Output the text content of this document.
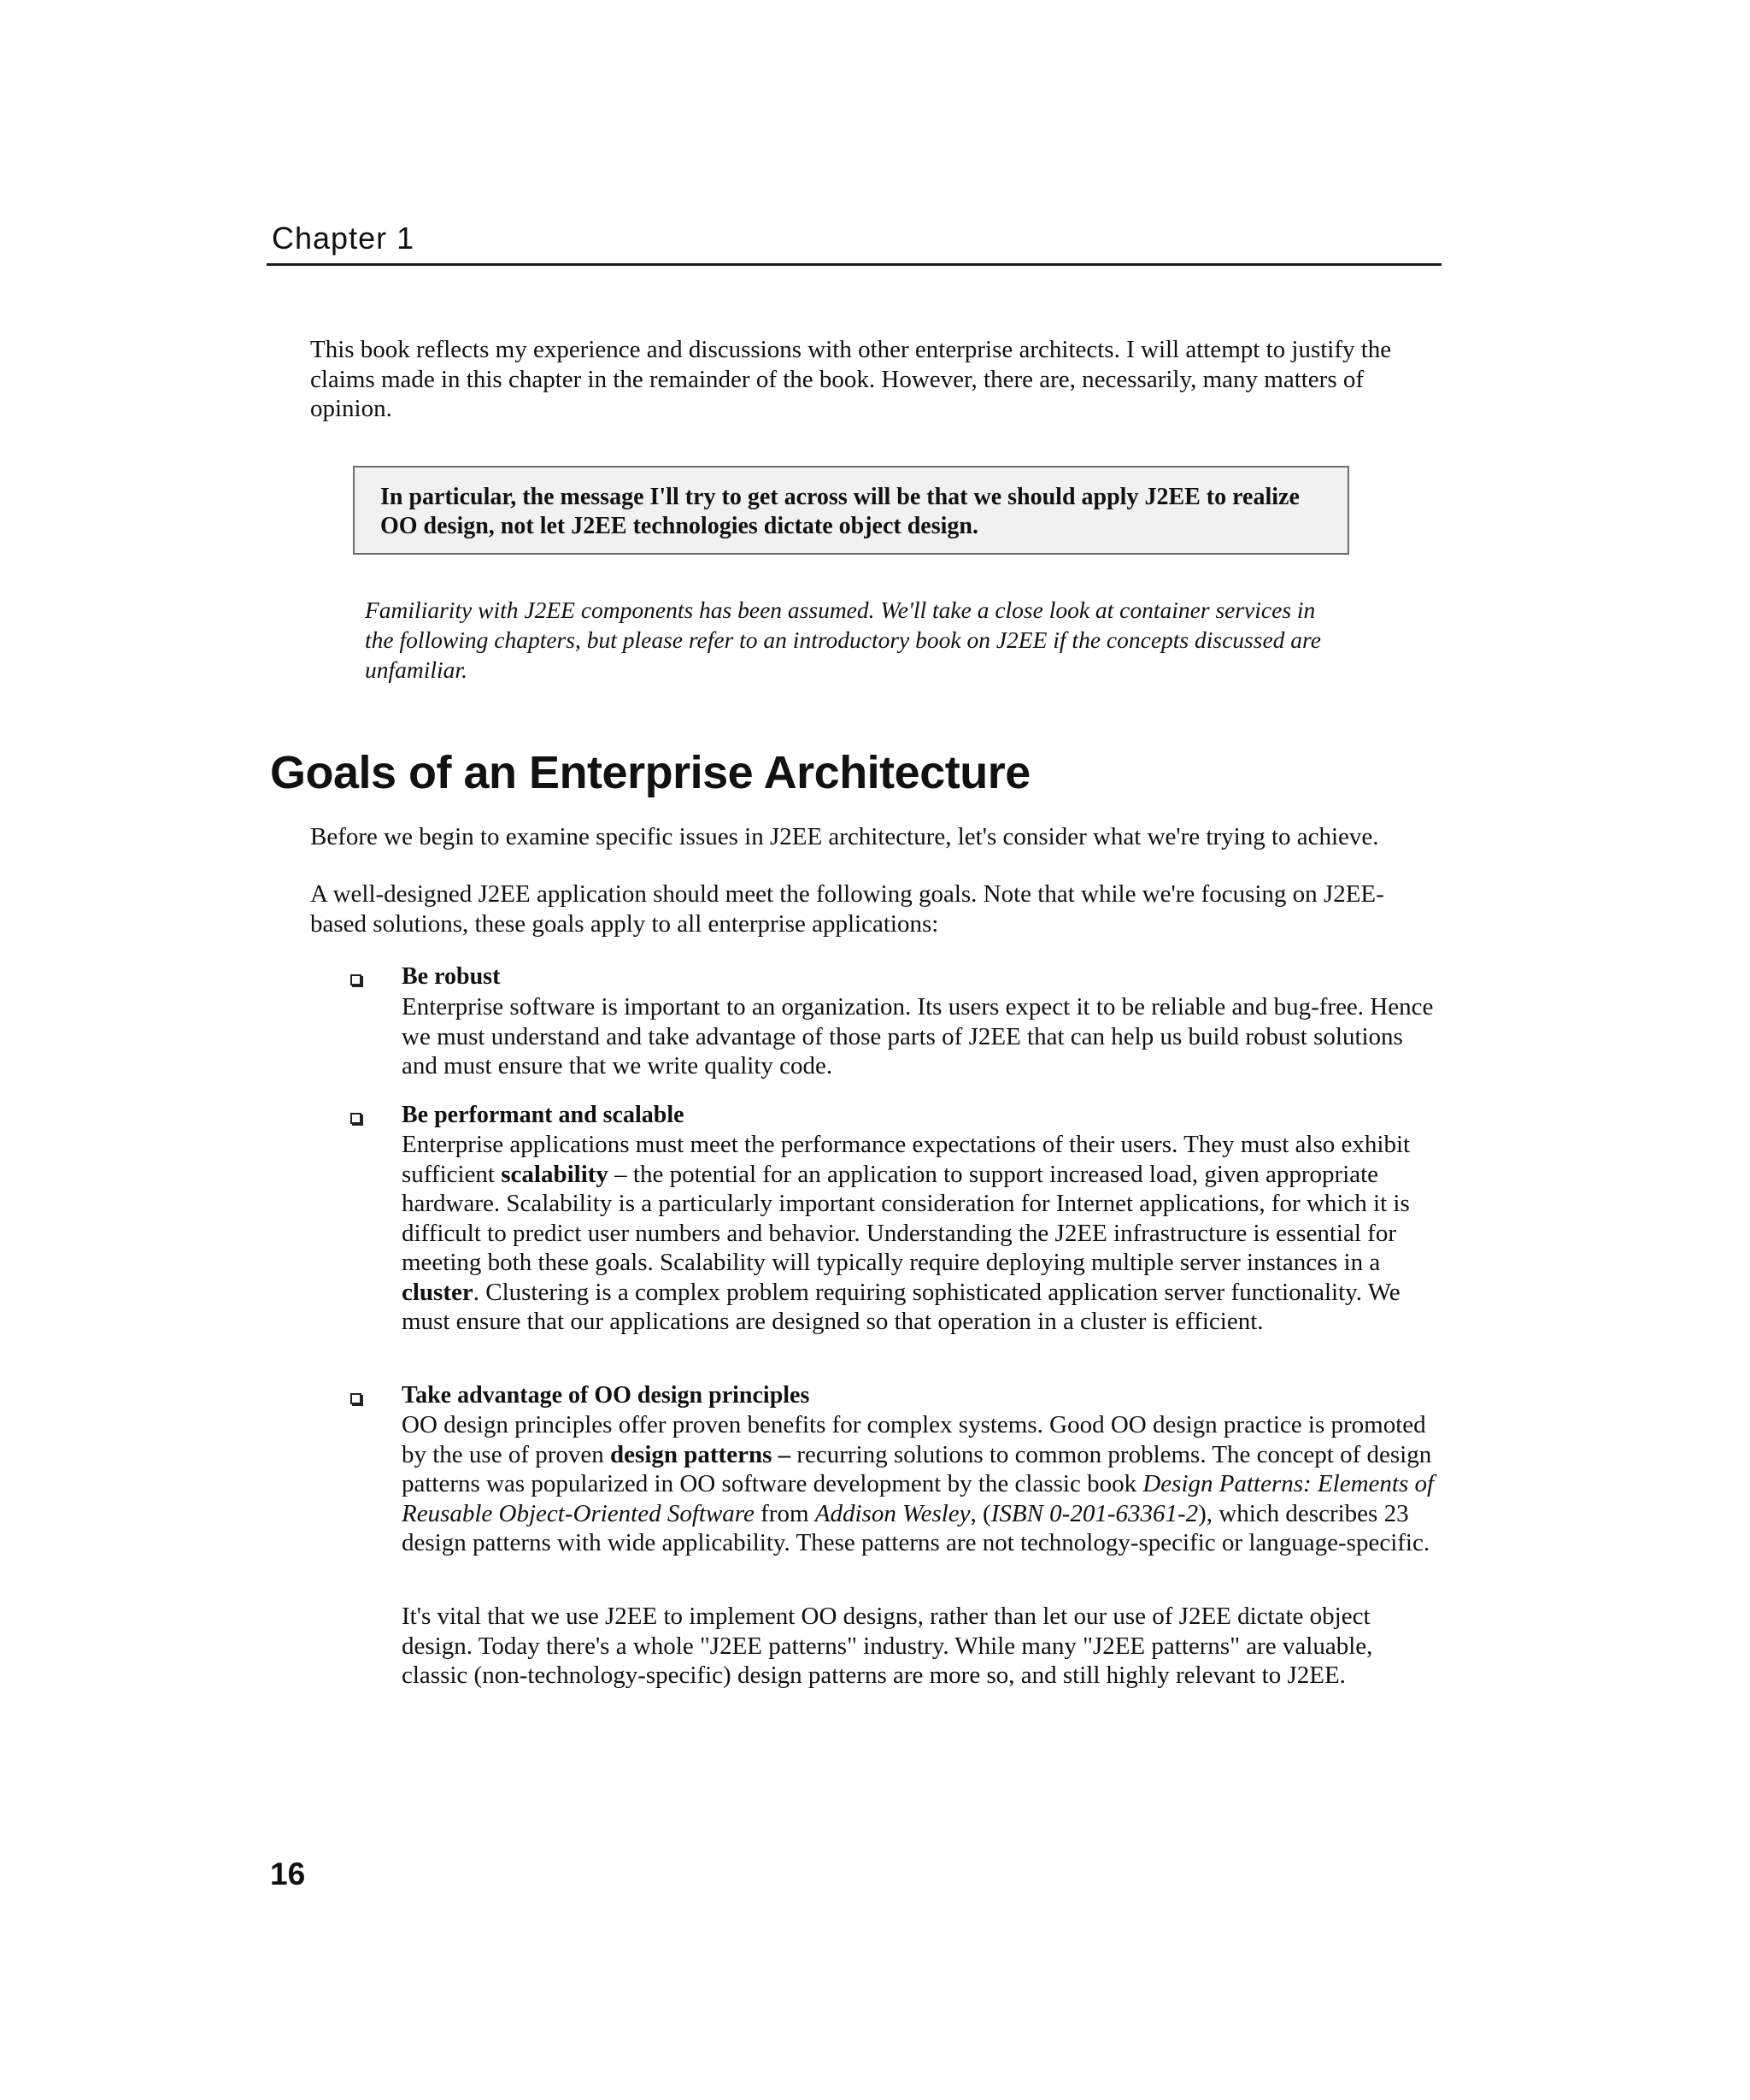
Chapter 1

This book reflects my experience and discussions with other enterprise architects. I will attempt to justify the claims made in this chapter in the remainder of the book. However, there are, necessarily, many matters of opinion.

In particular, the message I'll try to get across will be that we should apply J2EE to realize OO design, not let J2EE technologies dictate object design.

Familiarity with J2EE components has been assumed. We'll take a close look at container services in the following chapters, but please refer to an introductory book on J2EE if the concepts discussed are unfamiliar.

Goals of an Enterprise Architecture

Before we begin to examine specific issues in J2EE architecture, let's consider what we're trying to achieve.

A well-designed J2EE application should meet the following goals. Note that while we're focusing on J2EE-based solutions, these goals apply to all enterprise applications:

Be robust

Enterprise software is important to an organization. Its users expect it to be reliable and bug-free. Hence we must understand and take advantage of those parts of J2EE that can help us build robust solutions and must ensure that we write quality code.

Be performant and scalable

Enterprise applications must meet the performance expectations of their users. They must also exhibit sufficient scalability – the potential for an application to support increased load, given appropriate hardware. Scalability is a particularly important consideration for Internet applications, for which it is difficult to predict user numbers and behavior. Understanding the J2EE infrastructure is essential for meeting both these goals. Scalability will typically require deploying multiple server instances in a cluster. Clustering is a complex problem requiring sophisticated application server functionality. We must ensure that our applications are designed so that operation in a cluster is efficient.

Take advantage of OO design principles

OO design principles offer proven benefits for complex systems. Good OO design practice is promoted by the use of proven design patterns – recurring solutions to common problems. The concept of design patterns was popularized in OO software development by the classic book Design Patterns: Elements of Reusable Object-Oriented Software from Addison Wesley, (ISBN 0-201-63361-2), which describes 23 design patterns with wide applicability. These patterns are not technology-specific or language-specific.

It's vital that we use J2EE to implement OO designs, rather than let our use of J2EE dictate object design. Today there's a whole "J2EE patterns" industry. While many "J2EE patterns" are valuable, classic (non-technology-specific) design patterns are more so, and still highly relevant to J2EE.

16
